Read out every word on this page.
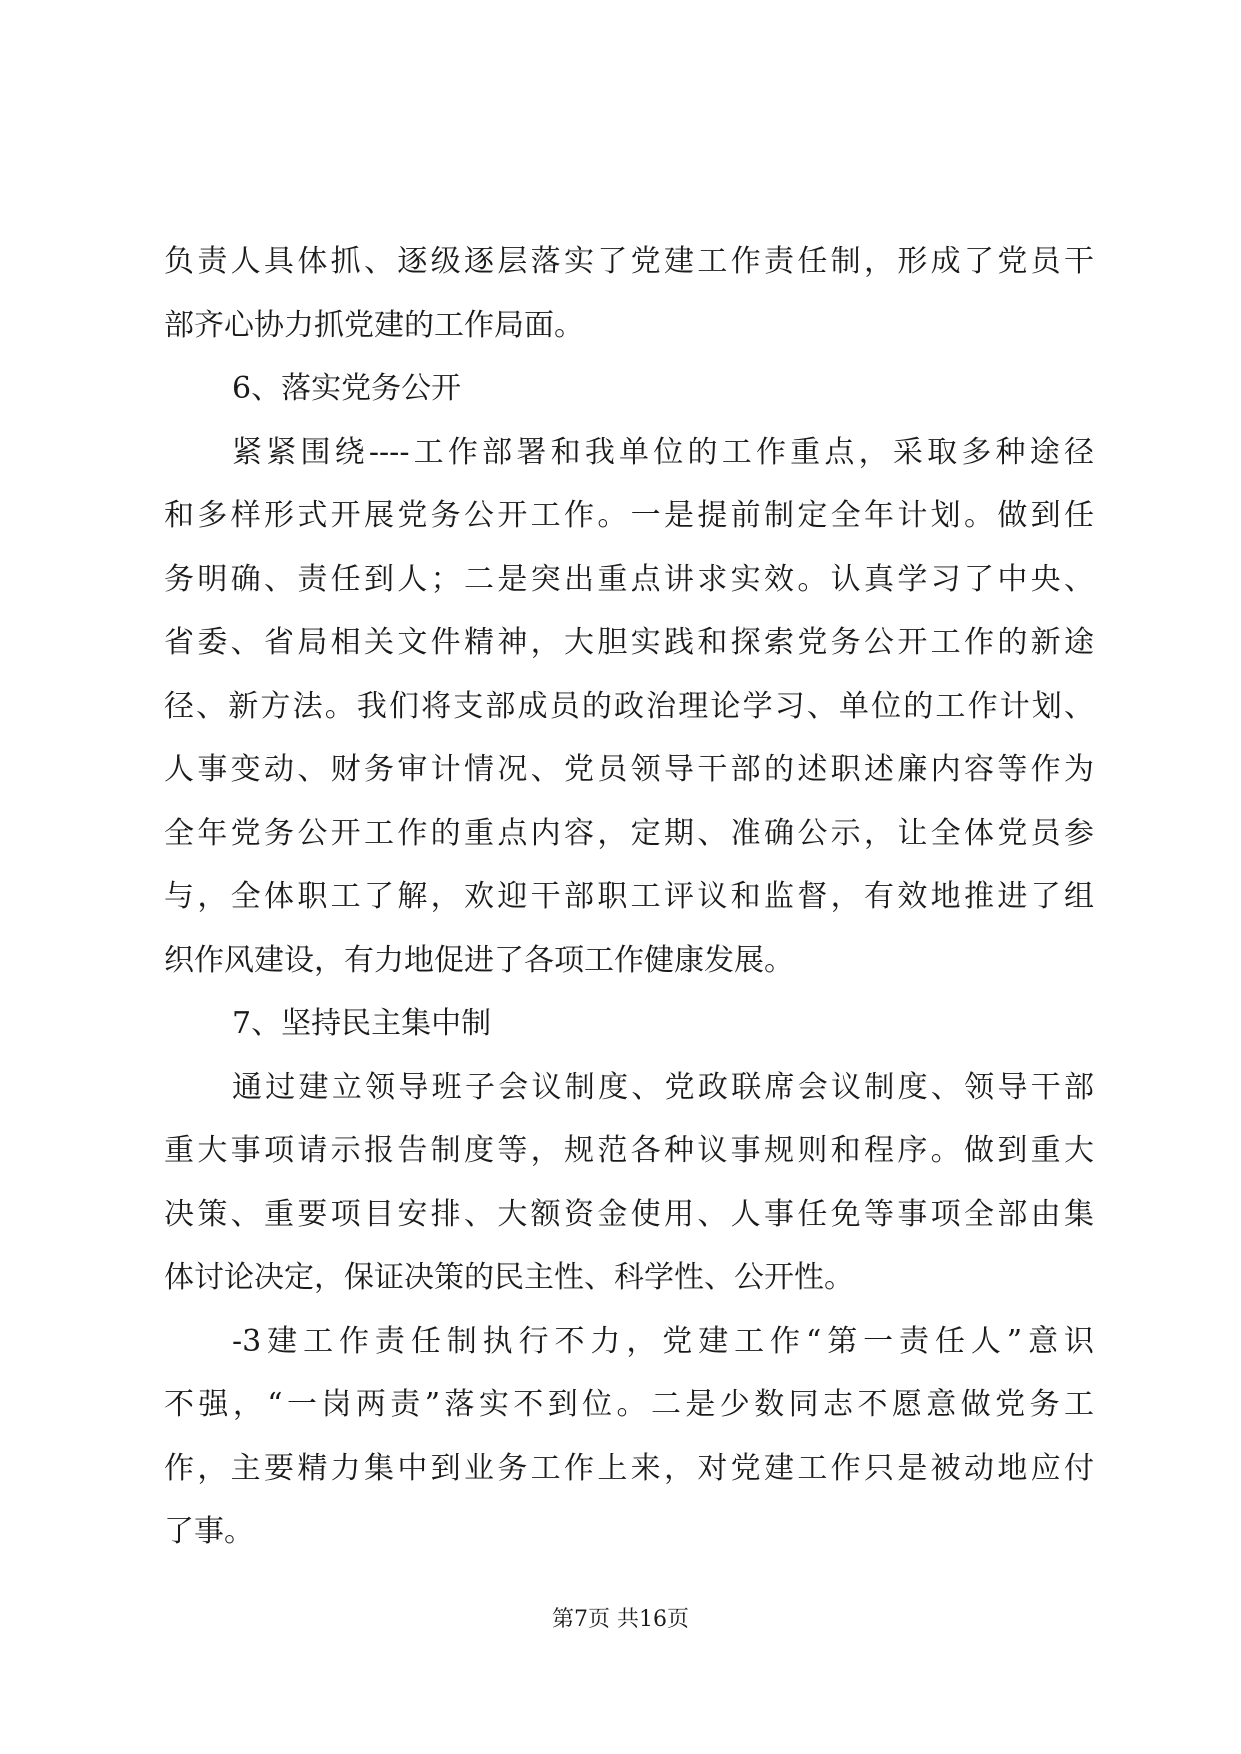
负责人具体抓、逐级逐层落实了党建工作责任制，形成了党员干
部齐心协力抓党建的工作局面。
6、落实党务公开
紧紧围绕----工作部署和我单位的工作重点，采取多种途径
和多样形式开展党务公开工作。一是提前制定全年计划。做到任
务明确、责任到人；二是突出重点讲求实效。认真学习了中央、
省委、省局相关文件精神，大胆实践和探索党务公开工作的新途
径、新方法。我们将支部成员的政治理论学习、单位的工作计划、
人事变动、财务审计情况、党员领导干部的述职述廉内容等作为
全年党务公开工作的重点内容，定期、准确公示，让全体党员参
与，全体职工了解，欢迎干部职工评议和监督，有效地推进了组
织作风建设，有力地促进了各项工作健康发展。
7、坚持民主集中制
通过建立领导班子会议制度、党政联席会议制度、领导干部
重大事项请示报告制度等，规范各种议事规则和程序。做到重大
决策、重要项目安排、大额资金使用、人事任免等事项全部由集
体讨论决定，保证决策的民主性、科学性、公开性。
-3建工作责任制执行不力，党建工作“第一责任人”意识
不强，“一岗两责”落实不到位。二是少数同志不愿意做党务工
作，主要精力集中到业务工作上来，对党建工作只是被动地应付
了事。
第7页 共16页
